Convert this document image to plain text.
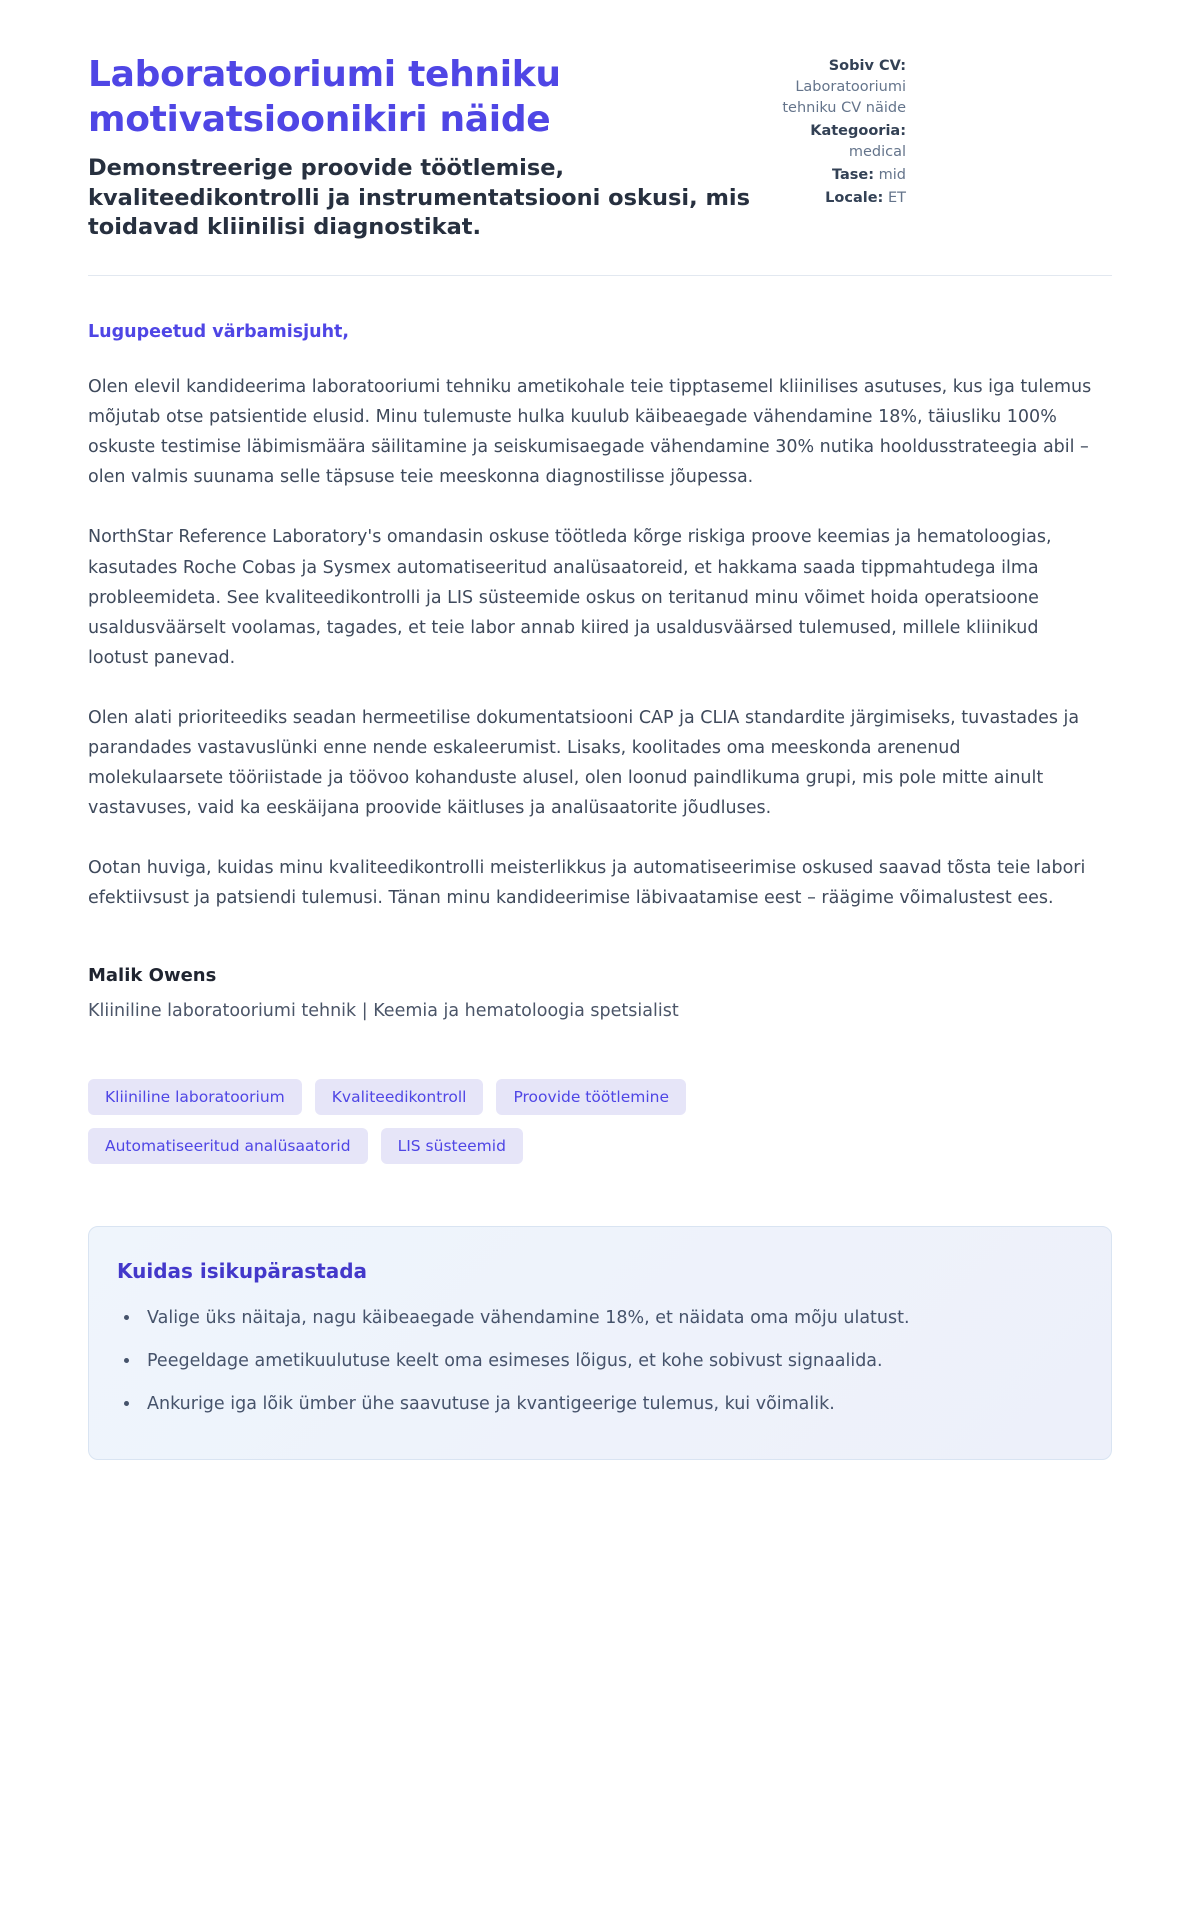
Laboratooriumi tehniku motivatsioonikiri näide

Demonstreerige proovide töötlemise, kvaliteedikontrolli ja instrumentatsiooni oskusi, mis toidavad kliinilisi diagnostikat.

Sobiv CV: Laboratooriumi tehniku CV näide
Kategooria: medical
Tase: mid
Locale: ET

Lugupeetud värbamisjuht,

Olen elevil kandideerima laboratooriumi tehniku ametikohale teie tipptasemel kliinilises asutuses, kus iga tulemus mõjutab otse patsientide elusid. Minu tulemuste hulka kuulub käibeaegade vähendamine 18%, täiusliku 100% oskuste testimise läbimismäära säilitamine ja seiskumisaegade vähendamine 30% nutika hooldusstrateegia abil – olen valmis suunama selle täpsuse teie meeskonna diagnostilisse jõupessa.

NorthStar Reference Laboratory's omandasin oskuse töötleda kõrge riskiga proove keemias ja hematoloogias, kasutades Roche Cobas ja Sysmex automatiseeritud analüsaatoreid, et hakkama saada tippmahtudega ilma probleemideta. See kvaliteedikontrolli ja LIS süsteemide oskus on teritanud minu võimet hoida operatsioone usaldusväärselt voolamas, tagades, et teie labor annab kiired ja usaldusväärsed tulemused, millele kliinikud lootust panevad.

Olen alati prioriteediks seadan hermeetilise dokumentatsiooni CAP ja CLIA standardite järgimiseks, tuvastades ja parandades vastavuslünki enne nende eskaleerumist. Lisaks, koolitades oma meeskonda arenenud molekulaarsete tööriistade ja töövoo kohanduste alusel, olen loonud paindlikuma grupi, mis pole mitte ainult vastavuses, vaid ka eeskäijana proovide käitluses ja analüsaatorite jõudluses.

Ootan huviga, kuidas minu kvaliteedikontrolli meisterlikkus ja automatiseerimise oskused saavad tõsta teie labori efektiivsust ja patsiendi tulemusi. Tänan minu kandideerimise läbivaatamise eest – räägime võimalustest ees.

Malik Owens

Kliiniline laboratooriumi tehnik | Keemia ja hematoloogia spetsialist

Kliiniline laboratoorium	Kvaliteedikontroll	Proovide töötlemine
Automatiseeritud analüsaatorid	LIS süsteemid
Kuidas isikupärastada
• Valige üks näitaja, nagu käibeaegade vähendamine 18%, et näidata oma mõju ulatust.
• Peegeldage ametikuulutuse keelt oma esimeses lõigus, et kohe sobivust signaalida.
• Ankurige iga lõik ümber ühe saavutuse ja kvantigeerige tulemus, kui võimalik.
